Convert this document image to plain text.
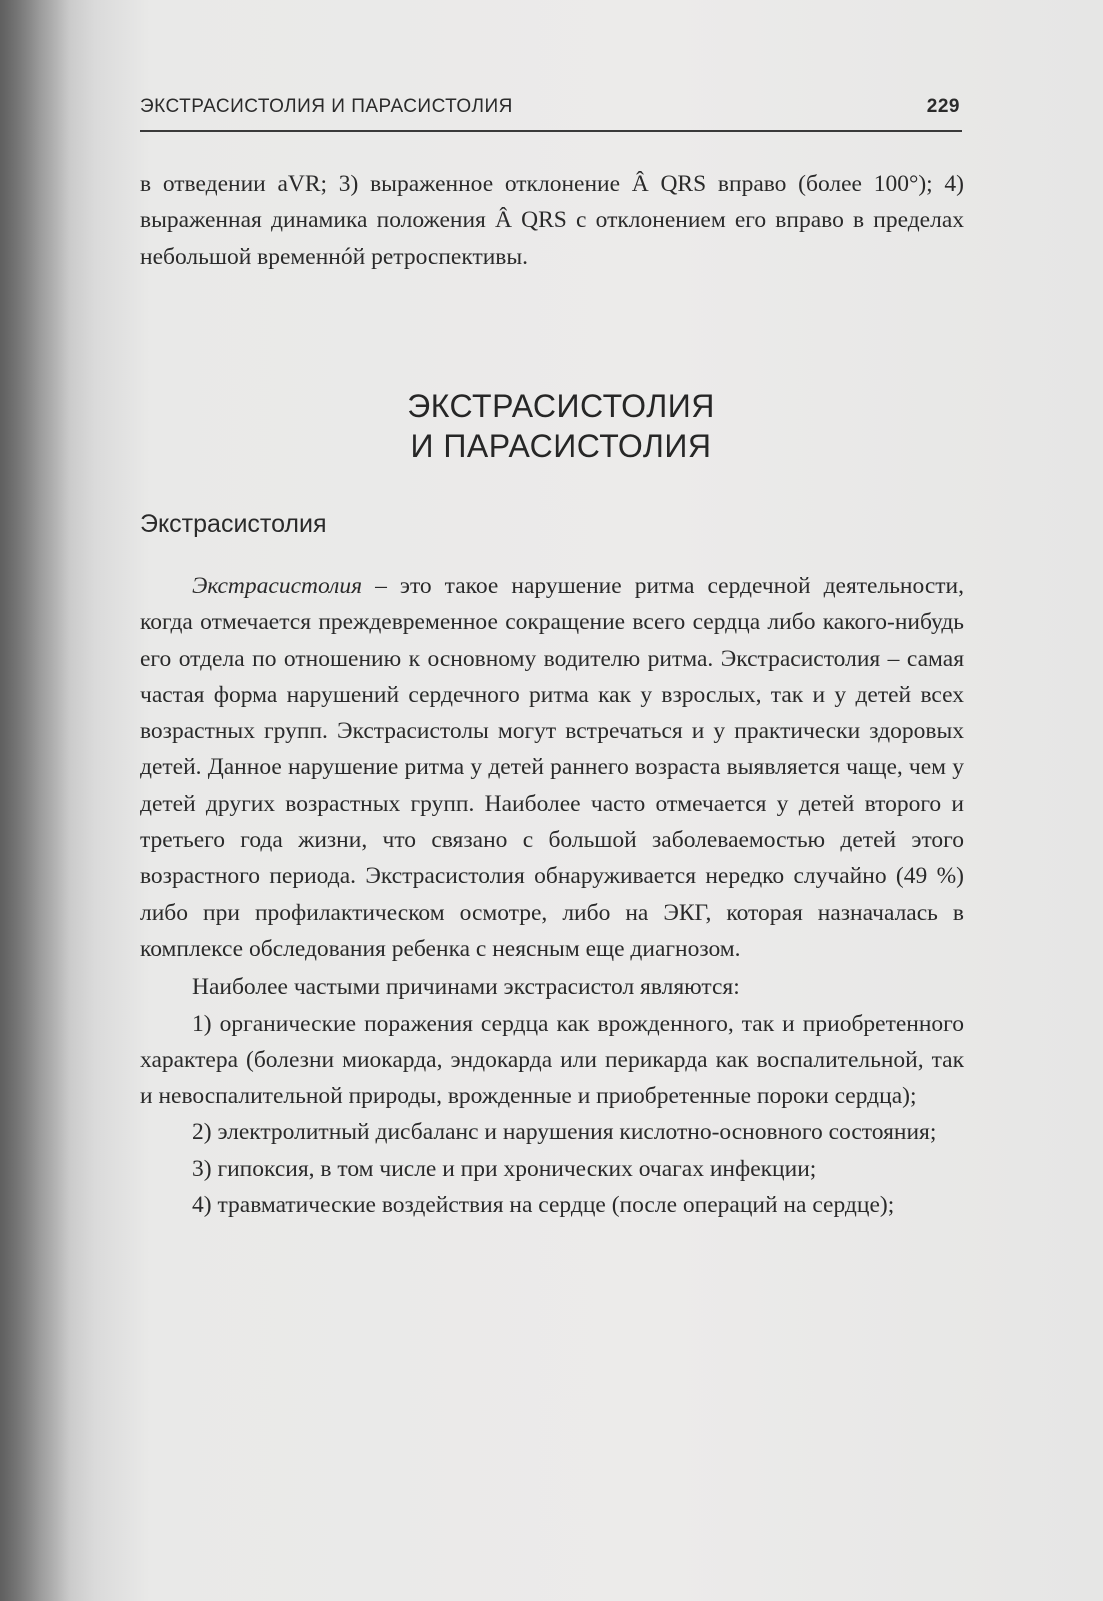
ЭКСТРАСИСТОЛИЯ И ПАРАСИСТОЛИЯ	229

в отведении aVR; 3) выраженное отклонение Â QRS вправо (более 100°); 4) выраженная динамика положения Â QRS с отклонением его вправо в пределах небольшой временнóй ретроспективы.

ЭКСТРАСИСТОЛИЯ
И ПАРАСИСТОЛИЯ
Экстрасистолия

Экстрасистолия – это такое нарушение ритма сердечной деятельности, когда отмечается преждевременное сокращение всего сердца либо какого-нибудь его отдела по отношению к основному водителю ритма. Экстрасистолия – самая частая форма нарушений сердечного ритма как у взрослых, так и у детей всех возрастных групп. Экстрасистолы могут встречаться и у практически здоровых детей. Данное нарушение ритма у детей раннего возраста выявляется чаще, чем у детей других возрастных групп. Наиболее часто отмечается у детей второго и третьего года жизни, что связано с большой заболеваемостью детей этого возрастного периода. Экстрасистолия обнаруживается нередко случайно (49 %) либо при профилактическом осмотре, либо на ЭКГ, которая назначалась в комплексе обследования ребенка с неясным еще диагнозом.

Наиболее частыми причинами экстрасистол являются:

1) органические поражения сердца как врожденного, так и приобретенного характера (болезни миокарда, эндокарда или перикарда как воспалительной, так и невоспалительной природы, врожденные и приобретенные пороки сердца);

2) электролитный дисбаланс и нарушения кислотно-основного состояния;

3) гипоксия, в том числе и при хронических очагах инфекции;

4) травматические воздействия на сердце (после операций на сердце);
